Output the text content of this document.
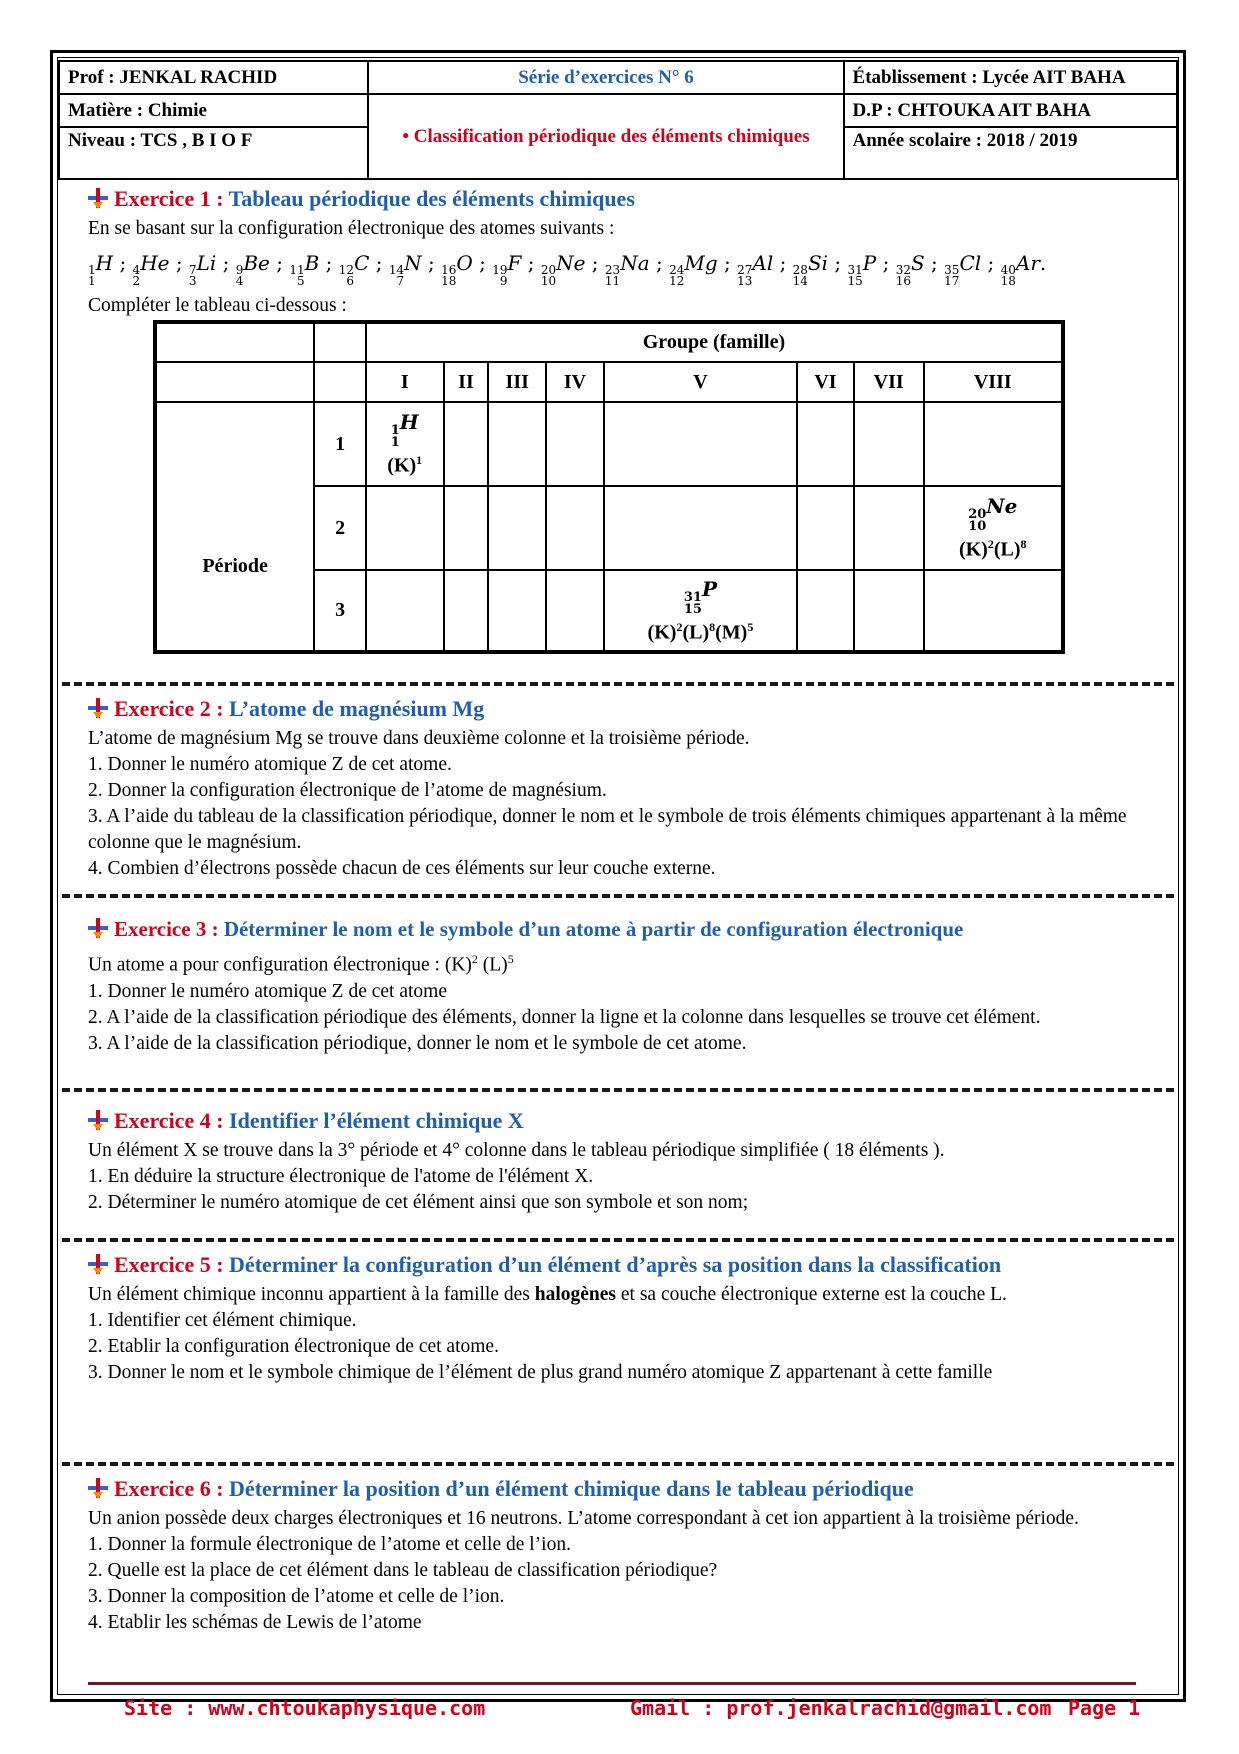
Prof : JENKAL RACHID	Série d’exercices N° 6	Établissement : Lycée AIT BAHA
Matière : Chimie	• Classification périodique des éléments chimiques	D.P : CHTOUKA AIT BAHA
Niveau : TCS , B I O F		Année scolaire : 2018 / 2019
Exercice 1 : Tableau périodique des éléments chimiques

En se basant sur la configuration électronique des atomes suivants :

1
1
H ; 4
2
He ; 7
3
Li ; 9
4
Be ; 11
5
B ; 12
6
C ; 14
7
N ; 16
18
O ; 19
9
F ; 20
10
Ne ; 23
11
Na ; 24
12
Mg ; 27
13
Al ; 28
14
Si ; 31
15
P ; 32
16
S ; 35
17
Cl ; 40
18
Ar.

Compléter le tableau ci-dessous :

		Groupe (famille)							
		I	II	III	IV	V	VI	VII	VIII
Période	1	1
1
H
$(K)^1$

	2								20
10
Ne
$(K)^2(L)^8$

	3					31
15
P
$(K)^2(L)^8(M)^5$

Exercice 2 : L’atome de magnésium Mg

L’atome de magnésium Mg se trouve dans deuxième colonne et la troisième période.

1. Donner le numéro atomique Z de cet atome.

2. Donner la configuration électronique de l’atome de magnésium.

3. A l’aide du tableau de la classification périodique, donner le nom et le symbole de trois éléments chimiques appartenant à la même colonne que le magnésium.

4. Combien d’électrons possède chacun de ces éléments sur leur couche externe.

Exercice 3 : Déterminer le nom et le symbole d’un atome à partir de configuration électronique

Un atome a pour configuration électronique : $(K)^2$ $(L)^5$

1. Donner le numéro atomique Z de cet atome

2. A l’aide de la classification périodique des éléments, donner la ligne et la colonne dans lesquelles se trouve cet élément.

3. A l’aide de la classification périodique, donner le nom et le symbole de cet atome.

Exercice 4 : Identifier l’élément chimique X

Un élément X se trouve dans la 3° période et 4° colonne dans le tableau périodique simplifiée ( 18 éléments ).

1. En déduire la structure électronique de l'atome de l'élément X.

2. Déterminer le numéro atomique de cet élément ainsi que son symbole et son nom;

Exercice 5 : Déterminer la configuration d’un élément d’après sa position dans la classification

Un élément chimique inconnu appartient à la famille des halogènes et sa couche électronique externe est la couche L.

1. Identifier cet élément chimique.

2. Etablir la configuration électronique de cet atome.

3. Donner le nom et le symbole chimique de l’élément de plus grand numéro atomique Z appartenant à cette famille

Exercice 6 : Déterminer la position d’un élément chimique dans le tableau périodique

Un anion possède deux charges électroniques et 16 neutrons. L’atome correspondant à cet ion appartient à la troisième période.

1. Donner la formule électronique de l’atome et celle de l’ion.

2. Quelle est la place de cet élément dans le tableau de classification périodique?

3. Donner la composition de l’atome et celle de l’ion.

4. Etablir les schémas de Lewis de l’atome

Site : www.chtoukaphysique.com	Gmail : prof.jenkalrachid@gmail.com Page 1
